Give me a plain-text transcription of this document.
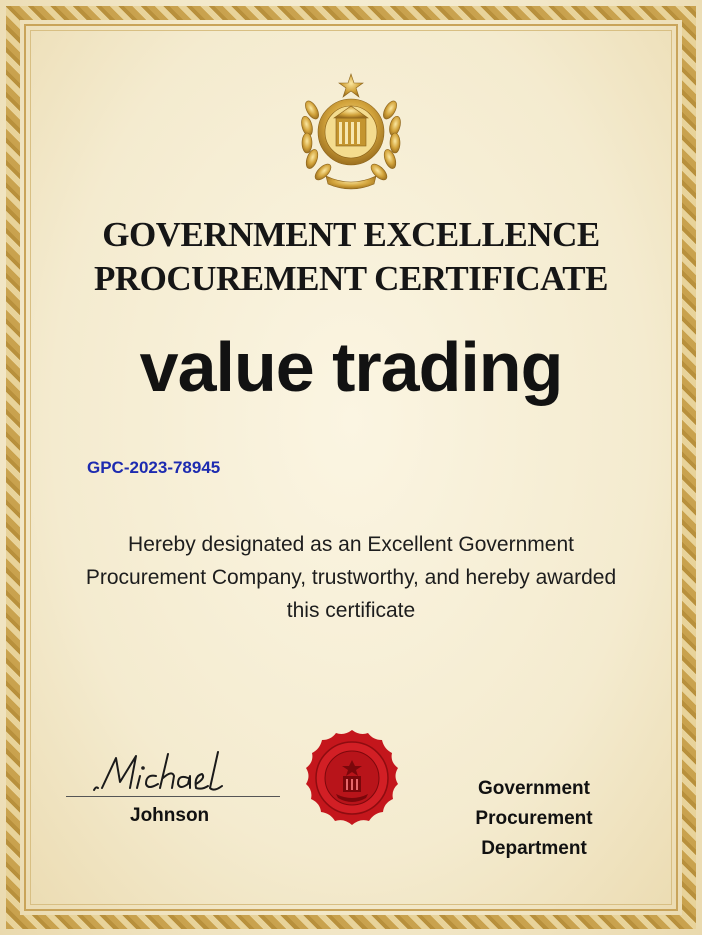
GOVERNMENT EXCELLENCE
PROCUREMENT CERTIFICATE
value trading
GPC-2023-78945
Hereby designated as an Excellent Government
Procurement Company, trustworthy, and hereby awarded
this certificate
Johnson
Government Procurement
Department
